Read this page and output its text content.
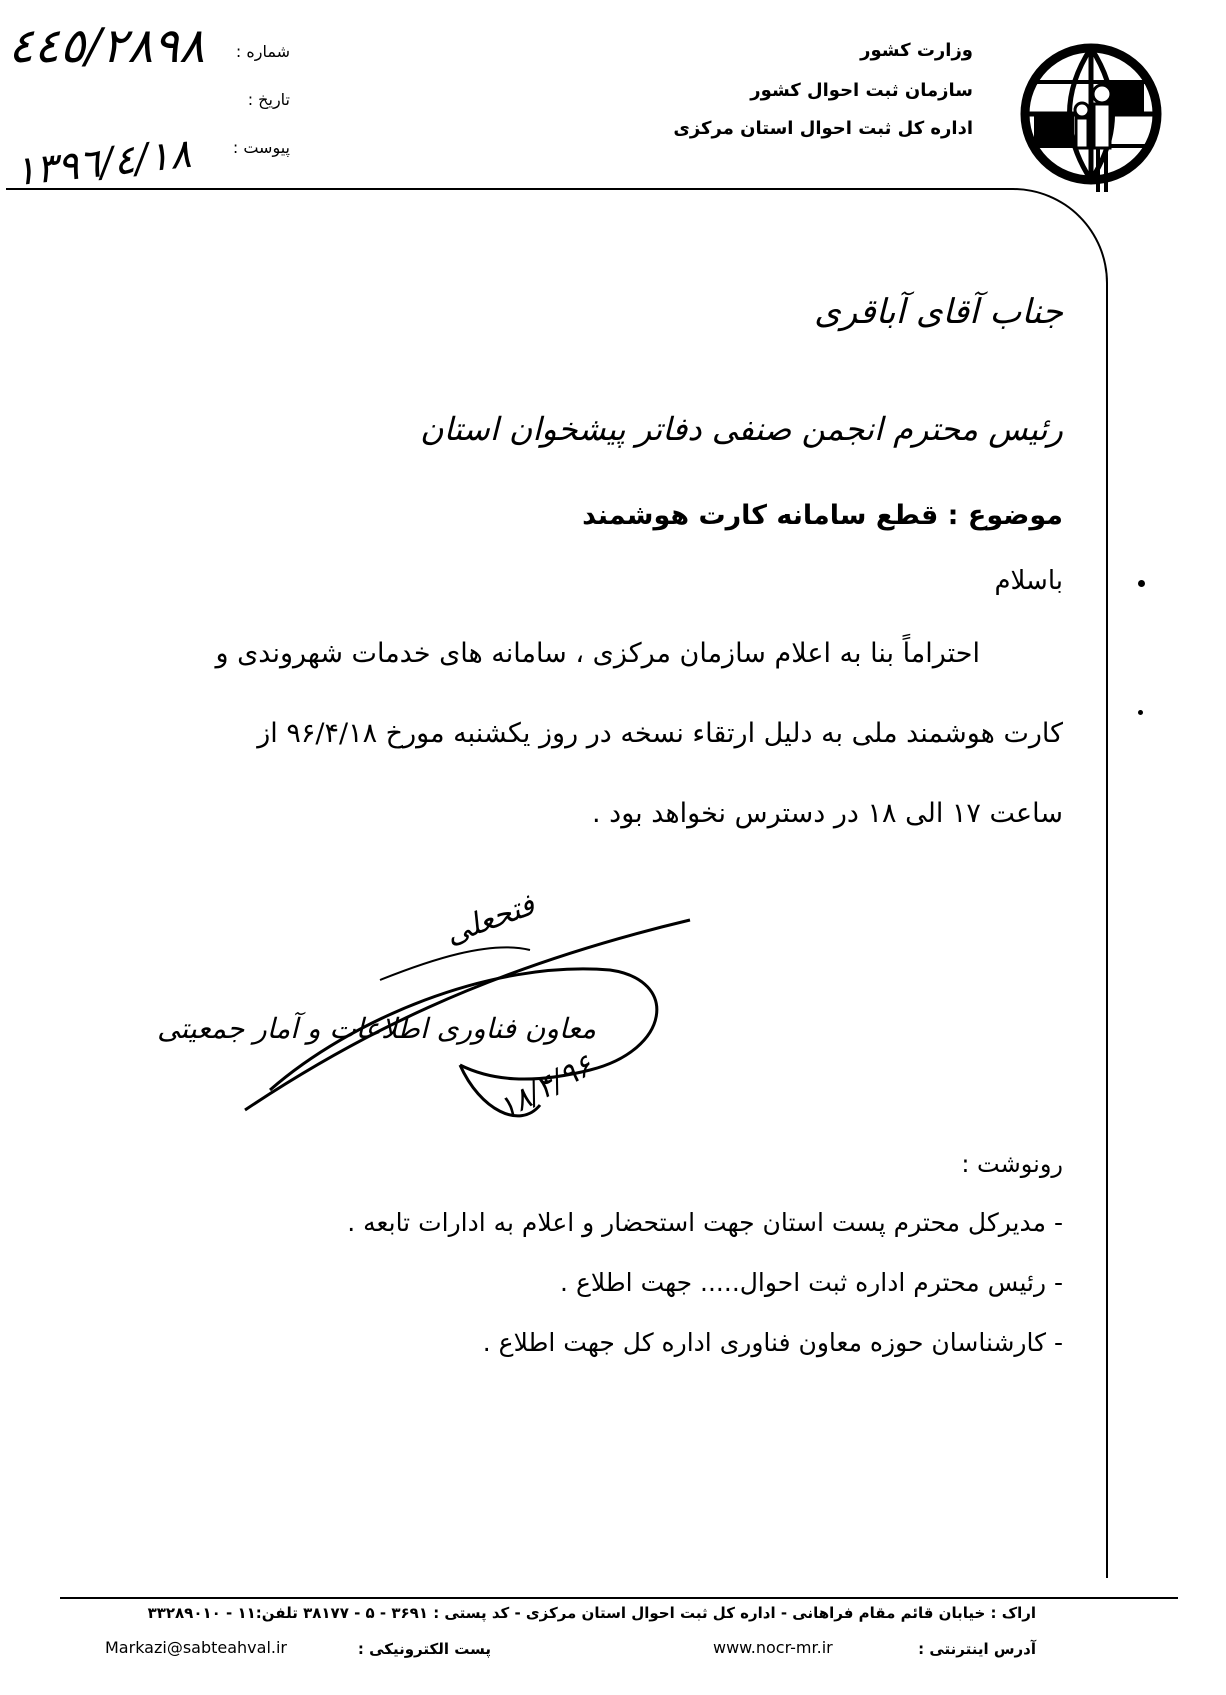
وزارت کشور
سازمان ثبت احوال کشور
اداره کل ثبت احوال استان مرکزی
شماره :
تاریخ :
پیوست :
٤٤٥/٢٨٩٨
١٣٩٦/٤/١٨
جناب آقای آباقری
رئیس محترم انجمن صنفی دفاتر پیشخوان استان
موضوع : قطع سامانه کارت هوشمند
باسلام
احتراماً بنا به اعلام سازمان مرکزی ، سامانه های خدمات شهروندی و
کارت هوشمند ملی به دلیل ارتقاء نسخه در روز یکشنبه مورخ ٩۶/۴/١٨ از
ساعت ١٧ الی ١٨ در دسترس نخواهد بود .
فتحعلی
معاون فناوری اطلاعات و آمار جمعیتی
١٨/۴/٩۶
رونوشت :
- مدیرکل محترم پست استان جهت استحضار و اعلام به ادارات تابعه .
- رئیس محترم اداره ثبت احوال..... جهت اطلاع .
- کارشناسان حوزه معاون فناوری اداره کل جهت اطلاع .
اراک : خیابان قائم مقام فراهانی - اداره کل ثبت احوال استان مرکزی - کد پستی : ٣۶٩١ - ۵ - ٣٨١٧٧ تلفن:١١ - ٣٣٢٨٩٠١٠
آدرس اینترنتی :
www.nocr-mr.ir
پست الکترونیکی :
Markazi@sabteahval.ir
